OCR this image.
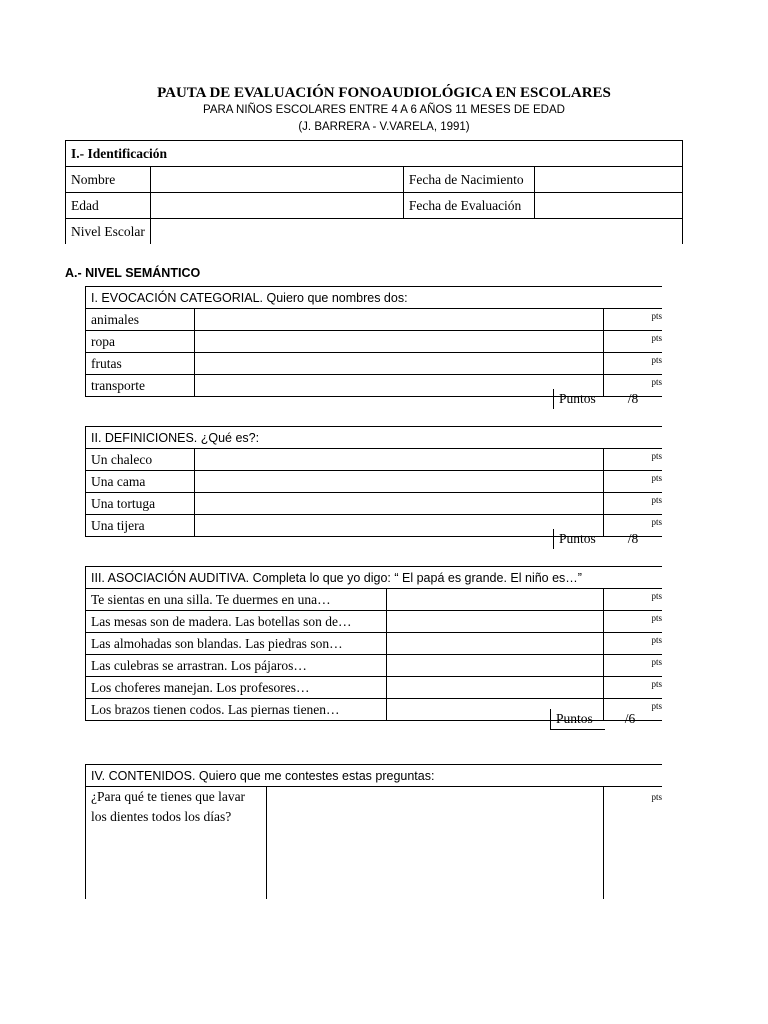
PAUTA DE EVALUACIÓN FONOAUDIOLÓGICA EN ESCOLARES
PARA NIÑOS ESCOLARES ENTRE 4 A 6 AÑOS 11 MESES DE EDAD
(J. BARRERA - V.VARELA, 1991)
I.- Identificación			
Nombre		Fecha de Nacimiento	
Edad		Fecha de Evaluación	
Nivel Escolar			
A.- NIVEL SEMÁNTICO
I. EVOCACIÓN CATEGORIAL. Quiero que nombres dos:		
animales		pts
ropa		pts
frutas		pts
transporte		pts
Puntos	/8
II. DEFINICIONES. ¿Qué es?:		
Un chaleco		pts
Una cama		pts
Una tortuga		pts
Una tijera		pts
Puntos	/8
III. ASOCIACIÓN AUDITIVA. Completa lo que yo digo: “ El papá es grande. El niño es…”		
Te sientas en una silla. Te duermes en una…		pts
Las mesas son de madera. Las botellas son de…		pts
Las almohadas son blandas. Las piedras son…		pts
Las culebras se arrastran. Los pájaros…		pts
Los choferes manejan. Los profesores…		pts
Los brazos tienen codos. Las piernas tienen…		pts
Puntos	/6
IV. CONTENIDOS. Quiero que me contestes estas preguntas:

¿Para qué te tienes que lavar
los dientes todos los días?
		pts
